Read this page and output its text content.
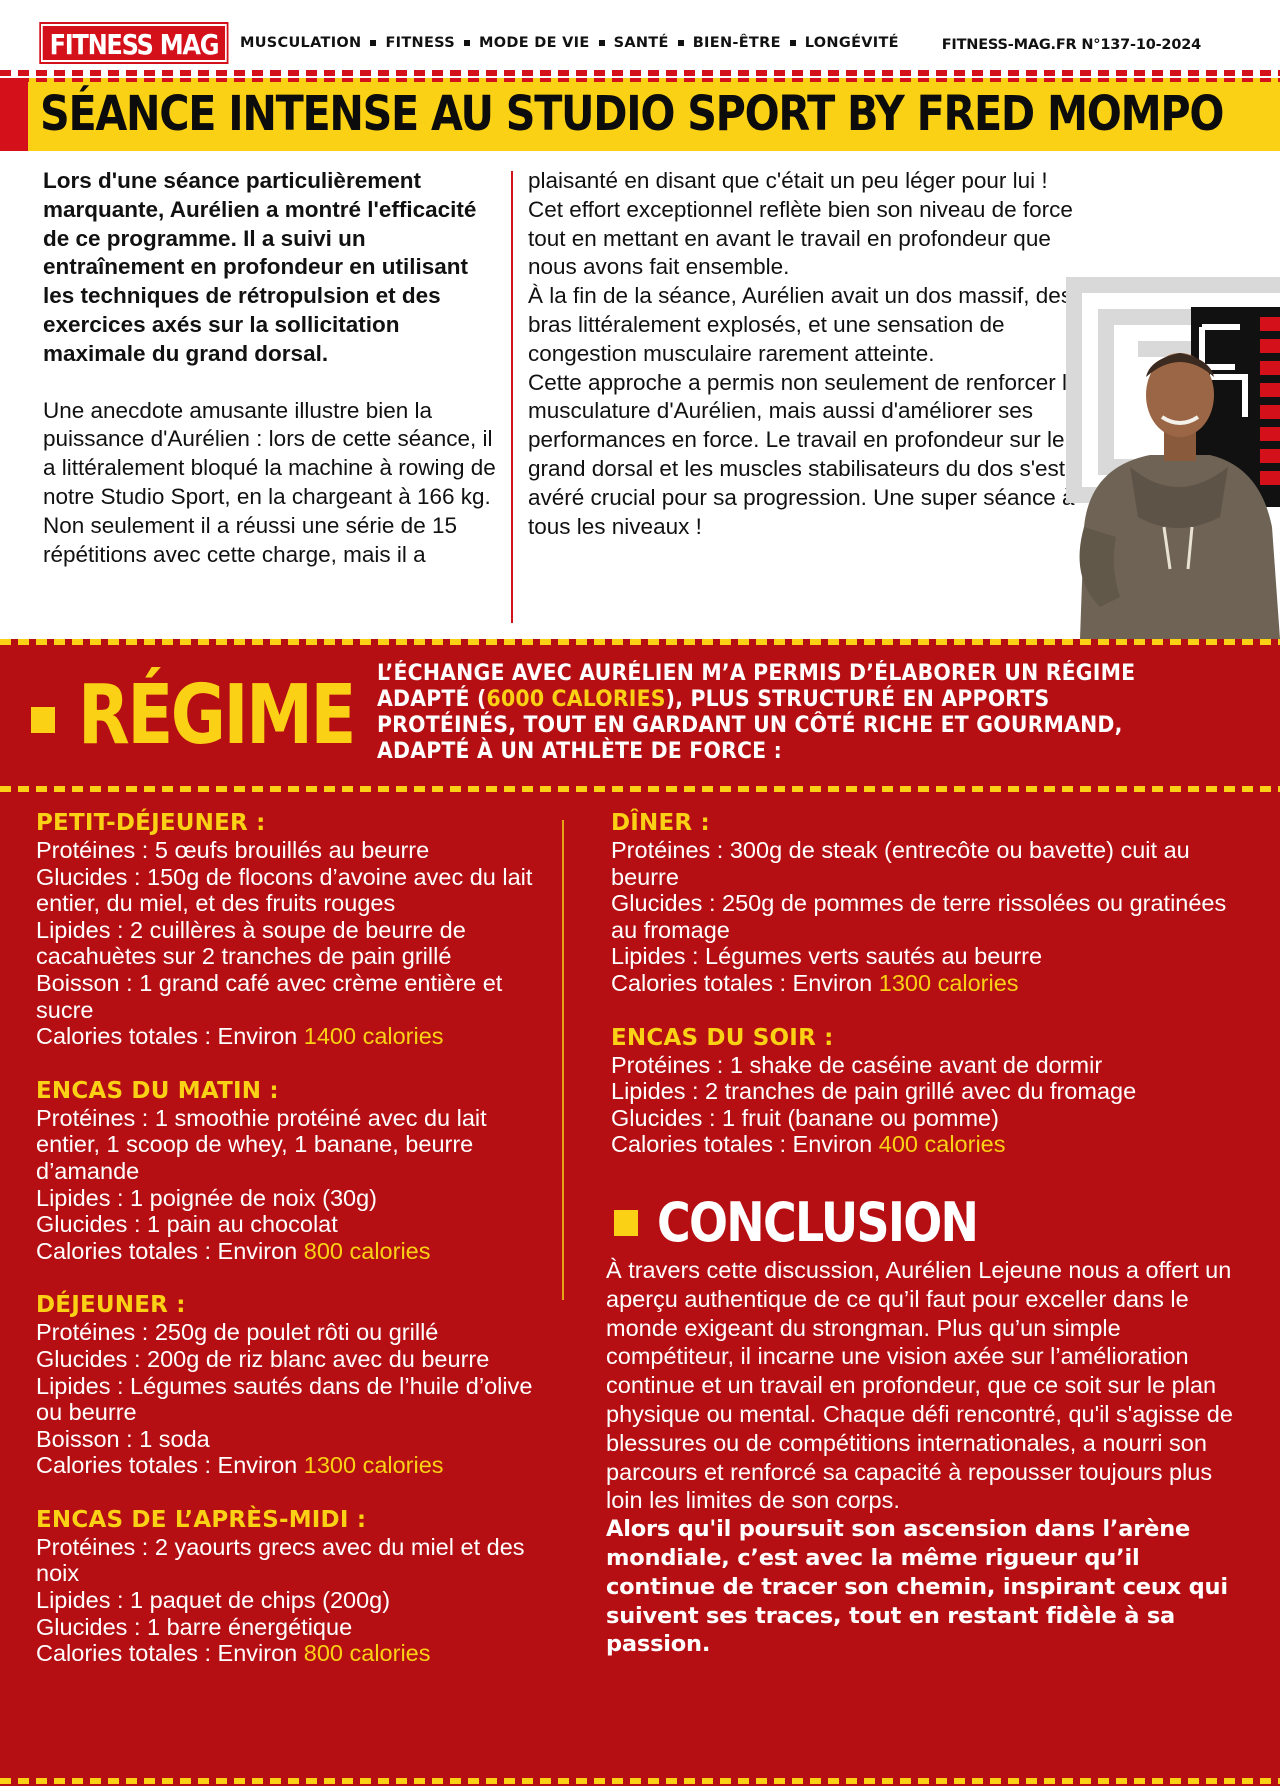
FITNESS MAG	MUSCULATION FITNESS MODE DE VIE SANTÉ BIEN-ÊTRE LONGÉVITÉ	FITNESS-MAG.FR N°137-10-2024
SÉANCE INTENSE AU STUDIO SPORT BY FRED MOMPO

Lors d'une séance particulièrement marquante, Aurélien a montré l'efficacité de ce programme. Il a suivi un entraînement en profondeur en utilisant les techniques de rétropulsion et des exercices axés sur la sollicitation maximale du grand dorsal.

Une anecdote amusante illustre bien la puissance d'Aurélien : lors de cette séance, il a littéralement bloqué la machine à rowing de notre Studio Sport, en la chargeant à 166 kg. Non seulement il a réussi une série de 15 répétitions avec cette charge, mais il a

plaisanté en disant que c'était un peu léger pour lui ! Cet effort exceptionnel reflète bien son niveau de force tout en mettant en avant le travail en profondeur que nous avons fait ensemble.

À la fin de la séance, Aurélien avait un dos massif, des bras littéralement explosés, et une sensation de congestion musculaire rarement atteinte.

Cette approche a permis non seulement de renforcer la musculature d'Aurélien, mais aussi d'améliorer ses performances en force. Le travail en profondeur sur le grand dorsal et les muscles stabilisateurs du dos s'est avéré crucial pour sa progression. Une super séance à tous les niveaux !

RÉGIME L’ÉCHANGE AVEC AURÉLIEN M’A PERMIS D’ÉLABORER UN RÉGIME ADAPTÉ (6000 CALORIES), PLUS STRUCTURÉ EN APPORTS PROTÉINÉS, TOUT EN GARDANT UN CÔTÉ RICHE ET GOURMAND, ADAPTÉ À UN ATHLÈTE DE FORCE :

PETIT-DÉJEUNER :
Protéines : 5 œufs brouillés au beurre
Glucides : 150g de flocons d’avoine avec du lait entier, du miel, et des fruits rouges
Lipides : 2 cuillères à soupe de beurre de cacahuètes sur 2 tranches de pain grillé
Boisson : 1 grand café avec crème entière et sucre
Calories totales : Environ 1400 calories
ENCAS DU MATIN :
Protéines : 1 smoothie protéiné avec du lait entier, 1 scoop de whey, 1 banane, beurre d’amande
Lipides : 1 poignée de noix (30g)
Glucides : 1 pain au chocolat
Calories totales : Environ 800 calories
DÉJEUNER :
Protéines : 250g de poulet rôti ou grillé
Glucides : 200g de riz blanc avec du beurre
Lipides : Légumes sautés dans de l’huile d’olive ou beurre
Boisson : 1 soda
Calories totales : Environ 1300 calories
ENCAS DE L’APRÈS-MIDI :
Protéines : 2 yaourts grecs avec du miel et des noix
Lipides : 1 paquet de chips (200g)
Glucides : 1 barre énergétique
Calories totales : Environ 800 calories
DÎNER :
Protéines : 300g de steak (entrecôte ou bavette) cuit au beurre
Glucides : 250g de pommes de terre rissolées ou gratinées au fromage
Lipides : Légumes verts sautés au beurre
Calories totales : Environ 1300 calories
ENCAS DU SOIR :
Protéines : 1 shake de caséine avant de dormir
Lipides : 2 tranches de pain grillé avec du fromage
Glucides : 1 fruit (banane ou pomme)
Calories totales : Environ 400 calories
CONCLUSION

À travers cette discussion, Aurélien Lejeune nous a offert un aperçu authentique de ce qu’il faut pour exceller dans le monde exigeant du strongman. Plus qu’un simple compétiteur, il incarne une vision axée sur l’amélioration continue et un travail en profondeur, que ce soit sur le plan physique ou mental. Chaque défi rencontré, qu'il s'agisse de blessures ou de compétitions internationales, a nourri son parcours et renforcé sa capacité à repousser toujours plus loin les limites de son corps.

Alors qu'il poursuit son ascension dans l’arène mondiale, c’est avec la même rigueur qu’il continue de tracer son chemin, inspirant ceux qui suivent ses traces, tout en restant fidèle à sa passion.
